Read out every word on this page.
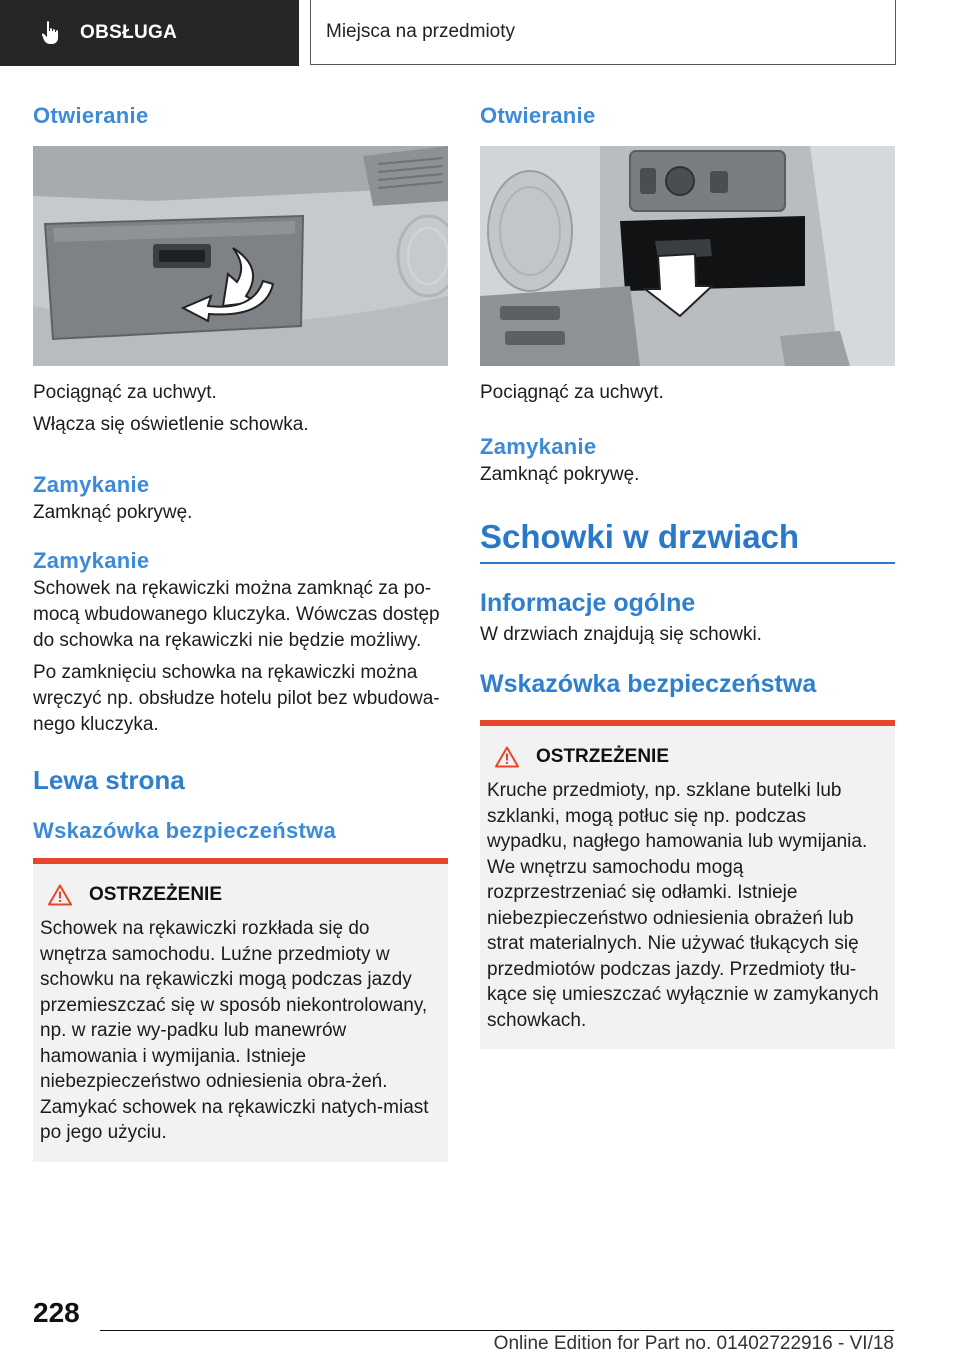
OBSŁUGA	Miejsca na przedmioty
Otwieranie

Pociągnąć za uchwyt.

Włącza się oświetlenie schowka.

Zamykanie

Zamknąć pokrywę.

Zamykanie

Schowek na rękawiczki można zamknąć za po-mocą wbudowanego kluczyka. Wówczas dostęp do schowka na rękawiczki nie będzie możliwy.

Po zamknięciu schowka na rękawiczki można wręczyć np. obsłudze hotelu pilot bez wbudowa-nego kluczyka.

Lewa strona
Wskazówka bezpieczeństwa
OSTRZEŻENIE

Schowek na rękawiczki rozkłada się do wnętrza samochodu. Luźne przedmioty w schowku na rękawiczki mogą podczas jazdy przemieszczać się w sposób niekontrolowany, np. w razie wy-padku lub manewrów hamowania i wymijania. Istnieje niebezpieczeństwo odniesienia obra-żeń. Zamykać schowek na rękawiczki natych-miast po jego użyciu.

Otwieranie

Pociągnąć za uchwyt.

Zamykanie

Zamknąć pokrywę.

Schowki w drzwiach
Informacje ogólne

W drzwiach znajdują się schowki.

Wskazówka bezpieczeństwa
OSTRZEŻENIE

Kruche przedmioty, np. szklane butelki lub szklanki, mogą potłuc się np. podczas wypadku, nagłego hamowania lub wymijania. We wnętrzu samochodu mogą rozprzestrzeniać się odłamki. Istnieje niebezpieczeństwo odniesienia obrażeń lub strat materialnych. Nie używać tłukących się przedmiotów podczas jazdy. Przedmioty tłu-kące się umieszczać wyłącznie w zamykanych schowkach.

228
Online Edition for Part no. 01402722916 - VI/18
